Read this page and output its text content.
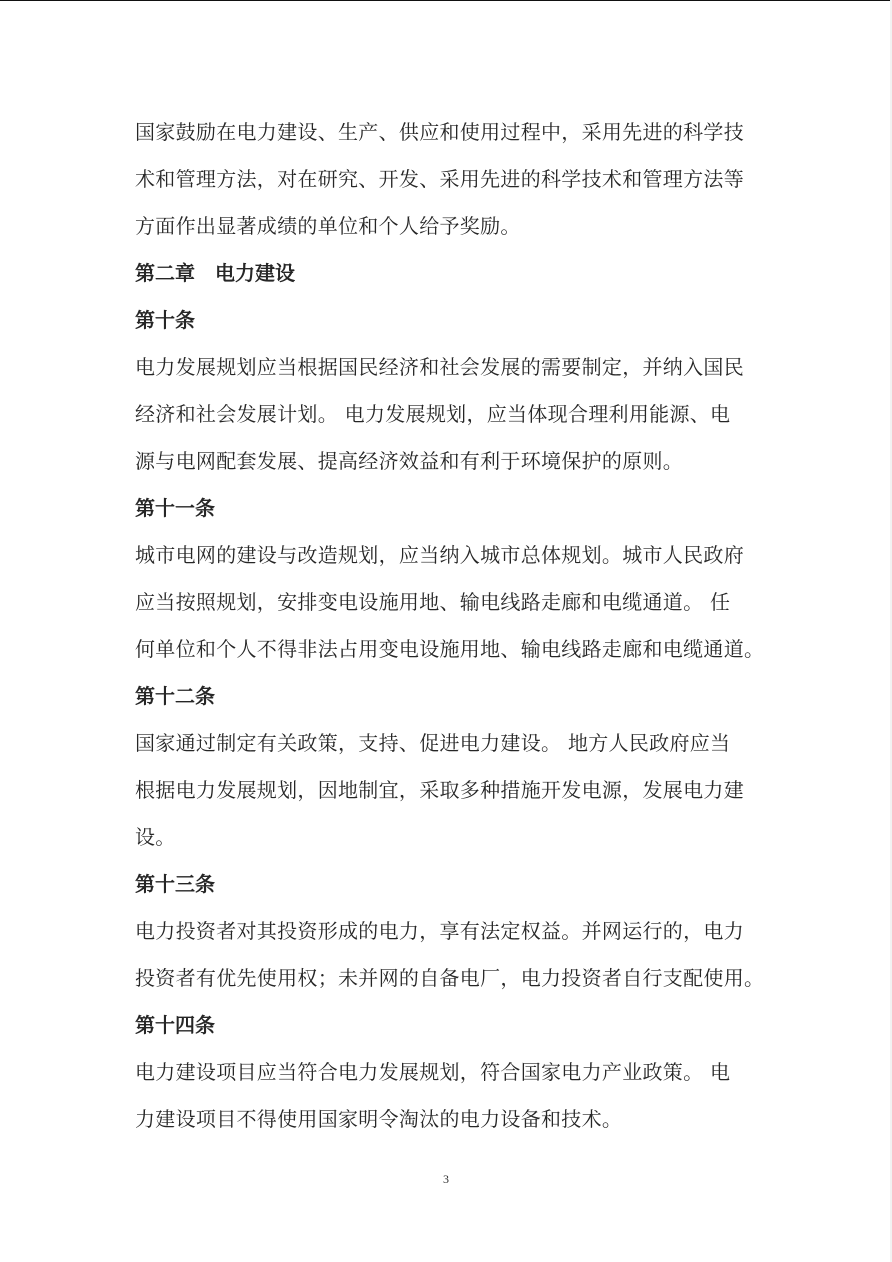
国家鼓励在电力建设、生产、供应和使用过程中，采用先进的科学技

术和管理方法，对在研究、开发、采用先进的科学技术和管理方法等

方面作出显著成绩的单位和个人给予奖励。

第二章　电力建设
第十条

电力发展规划应当根据国民经济和社会发展的需要制定，并纳入国民

经济和社会发展计划。 电力发展规划，应当体现合理利用能源、电

源与电网配套发展、提高经济效益和有利于环境保护的原则。

第十一条

城市电网的建设与改造规划，应当纳入城市总体规划。城市人民政府

应当按照规划，安排变电设施用地、输电线路走廊和电缆通道。 任

何单位和个人不得非法占用变电设施用地、输电线路走廊和电缆通道。

第十二条

国家通过制定有关政策，支持、促进电力建设。 地方人民政府应当

根据电力发展规划，因地制宜，采取多种措施开发电源，发展电力建

设。

第十三条

电力投资者对其投资形成的电力，享有法定权益。并网运行的，电力

投资者有优先使用权；未并网的自备电厂，电力投资者自行支配使用。

第十四条

电力建设项目应当符合电力发展规划，符合国家电力产业政策。 电

力建设项目不得使用国家明令淘汰的电力设备和技术。

3
